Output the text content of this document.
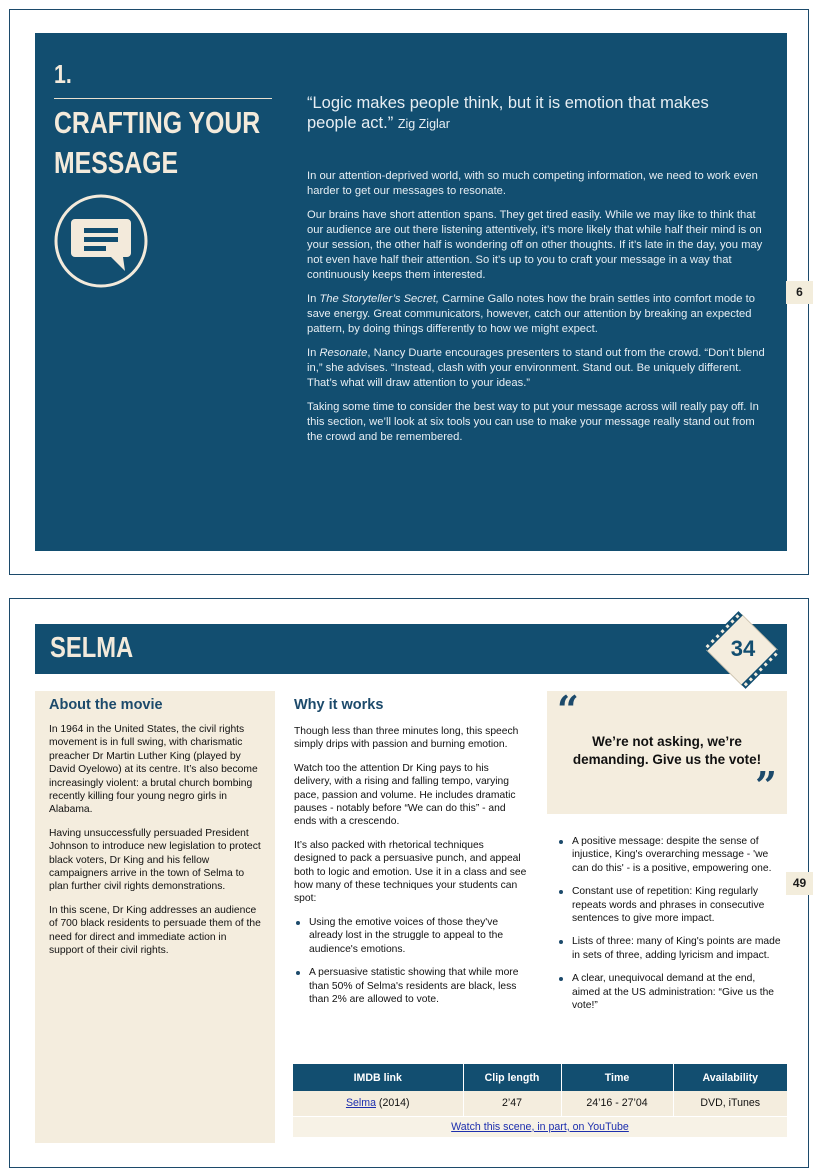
1.
CRAFTING YOUR MESSAGE
“Logic makes people think, but it is emotion that makes people act.” Zig Ziglar

In our attention-deprived world, with so much competing information, we need to work even harder to get our messages to resonate.

Our brains have short attention spans. They get tired easily. While we may like to think that our audience are out there listening attentively, it’s more likely that while half their mind is on your session, the other half is wondering off on other thoughts. If it’s late in the day, you may not even have half their attention. So it’s up to you to craft your message in a way that continuously keeps them interested.

In The Storyteller’s Secret, Carmine Gallo notes how the brain settles into comfort mode to save energy. Great communicators, however, catch our attention by breaking an expected pattern, by doing things differently to how we might expect.

In Resonate, Nancy Duarte encourages presenters to stand out from the crowd. “Don’t blend in,” she advises. “Instead, clash with your environment. Stand out. Be uniquely different. That’s what will draw attention to your ideas.”

Taking some time to consider the best way to put your message across will really pay off. In this section, we’ll look at six tools you can use to make your message really stand out from the crowd and be remembered.

6
SELMA	34
About the movie

In 1964 in the United States, the civil rights movement is in full swing, with charismatic preacher Dr Martin Luther King (played by David Oyelowo) at its centre. It’s also become increasingly violent: a brutal church bombing recently killing four young negro girls in Alabama.

Having unsuccessfully persuaded President Johnson to introduce new legislation to protect black voters, Dr King and his fellow campaigners arrive in the town of Selma to plan further civil rights demonstrations.

In this scene, Dr King addresses an audience of 700 black residents to persuade them of the need for direct and immediate action in support of their civil rights.

Why it works

Though less than three minutes long, this speech simply drips with passion and burning emotion.

Watch too the attention Dr King pays to his delivery, with a rising and falling tempo, varying pace, passion and volume. He includes dramatic pauses - notably before “We can do this” - and ends with a crescendo.

It’s also packed with rhetorical techniques designed to pack a persuasive punch, and appeal both to logic and emotion. Use it in a class and see how many of these techniques your students can spot:

Using the emotive voices of those they've already lost in the struggle to appeal to the audience's emotions.
A persuasive statistic showing that while more than 50% of Selma's residents are black, less than 2% are allowed to vote.
“
We’re not asking, we’re demanding. Give us the vote!
”
A positive message: despite the sense of injustice, King's overarching message - 'we can do this' - is a positive, empowering one.
Constant use of repetition: King regularly repeats words and phrases in consecutive sentences to give more impact.
Lists of three: many of King's points are made in sets of three, adding lyricism and impact.
A clear, unequivocal demand at the end, aimed at the US administration: “Give us the vote!”
IMDB link	Clip length	Time	Availability
Selma (2014)	2’47	24’16 - 27’04	DVD, iTunes
Watch this scene, in part, on YouTube			
49
